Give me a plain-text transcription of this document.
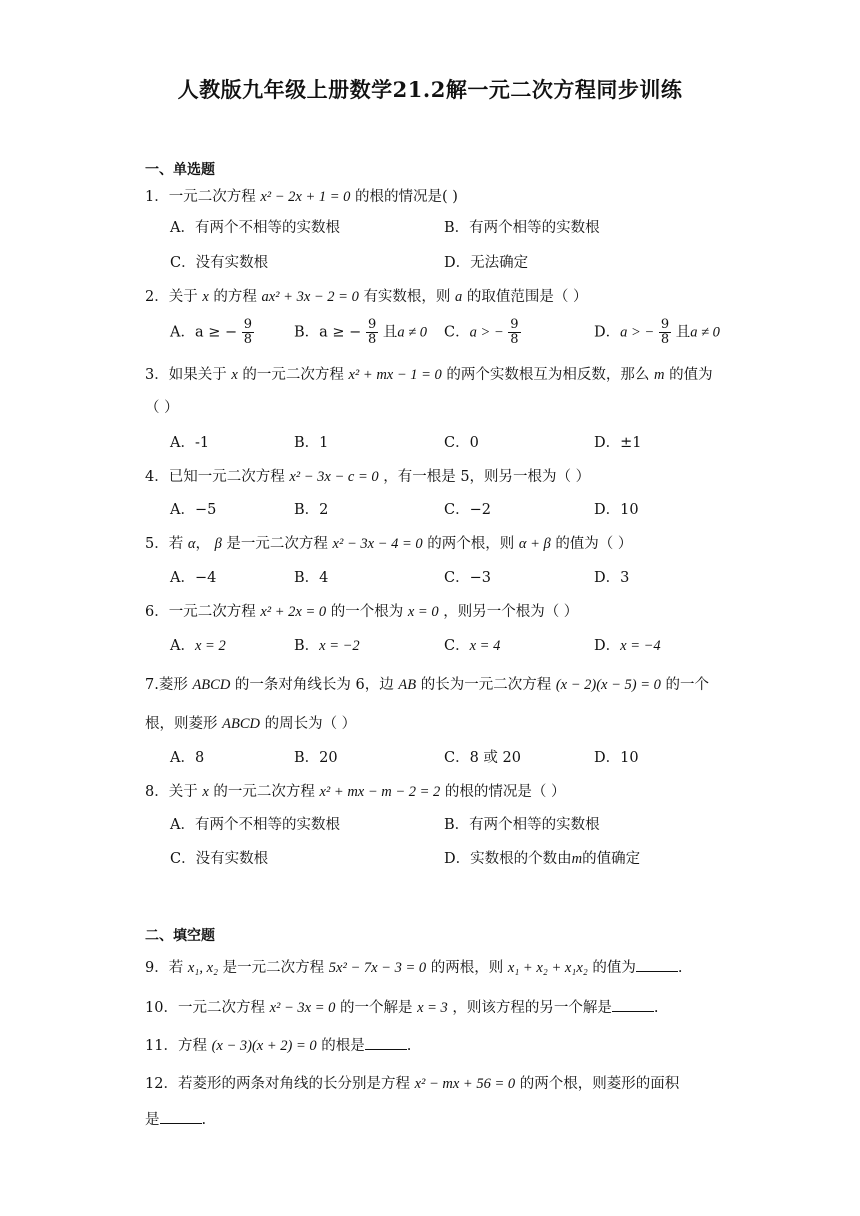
人教版九年级上册数学21.2解一元二次方程同步训练
一、单选题
1．一元二次方程 x² − 2x + 1 = 0 的根的情况是( )
A．有两个不相等的实数根	B．有两个相等的实数根
C．没有实数根	D．无法确定
2．关于 x 的方程 ax² + 3x − 2 = 0 有实数根，则 a 的取值范围是（ ）
A．a ≥ − $\frac{9}{8}$	B．a ≥ − $\frac{9}{8}$ 且a ≠ 0 C．a > − $\frac{9}{8}$	D．a > − $\frac{9}{8}$ 且a ≠ 0
3．如果关于 x 的一元二次方程 x² + mx − 1 = 0 的两个实数根互为相反数，那么 m 的值为
（ ）
A．-1	B．1	C．0	D．±1
4．已知一元二次方程 x² − 3x − c = 0 ，有一根是 5，则另一根为（ ）
A．−5	B．2	C．−2	D．10
5．若 α， β 是一元二次方程 x² − 3x − 4 = 0 的两个根，则 α + β 的值为（ ）
A．−4	B．4	C．−3	D．3
6．一元二次方程 x² + 2x = 0 的一个根为 x = 0 ，则另一个根为（ ）
A．x = 2	B．x = −2	C．x = 4	D．x = −4
7.菱形 ABCD 的一条对角线长为 6，边 AB 的长为一元二次方程 (x − 2)(x − 5) = 0 的一个
根，则菱形 ABCD 的周长为（ ）
A．8	B．20	C．8 或 20	D．10
8．关于 x 的一元二次方程 x² + mx − m − 2 = 2 的根的情况是（ ）
A．有两个不相等的实数根	B．有两个相等的实数根
C．没有实数根	D．实数根的个数由m的值确定
二、填空题
9．若 x₁, x₂ 是一元二次方程 5x² − 7x − 3 = 0 的两根，则 x₁ + x₂ + x₁x₂ 的值为	.
10．一元二次方程 x² − 3x = 0 的一个解是 x = 3 ，则该方程的另一个解是	.
11．方程 (x − 3)(x + 2) = 0 的根是	.
12．若菱形的两条对角线的长分别是方程 x² − mx + 56 = 0 的两个根，则菱形的面积
是	.
